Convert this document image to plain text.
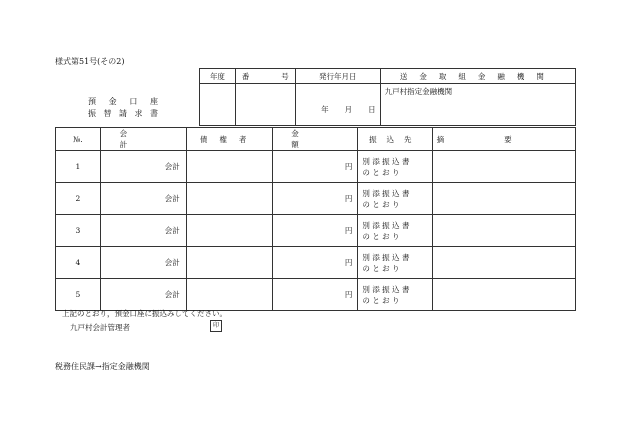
様式第51号(その2)
預 金 口 座
振 替 請 求 書
年度	番 号	発行年月日	送金取組金融機関

		年 月 日	九戸村指定金融機関
№.	会計	債権者	金額	振込先	摘要
1	会計		円	別 添 振 込 書
の と お り	

2	会計		円	別 添 振 込 書
の と お り	

3	会計		円	別 添 振 込 書
の と お り	

4	会計		円	別 添 振 込 書
の と お り	

5	会計		円	別 添 振 込 書
の と お り	

上記のとおり，預金口座に振込みしてください。
九戸村会計管理者	印
税務住民課→指定金融機関
